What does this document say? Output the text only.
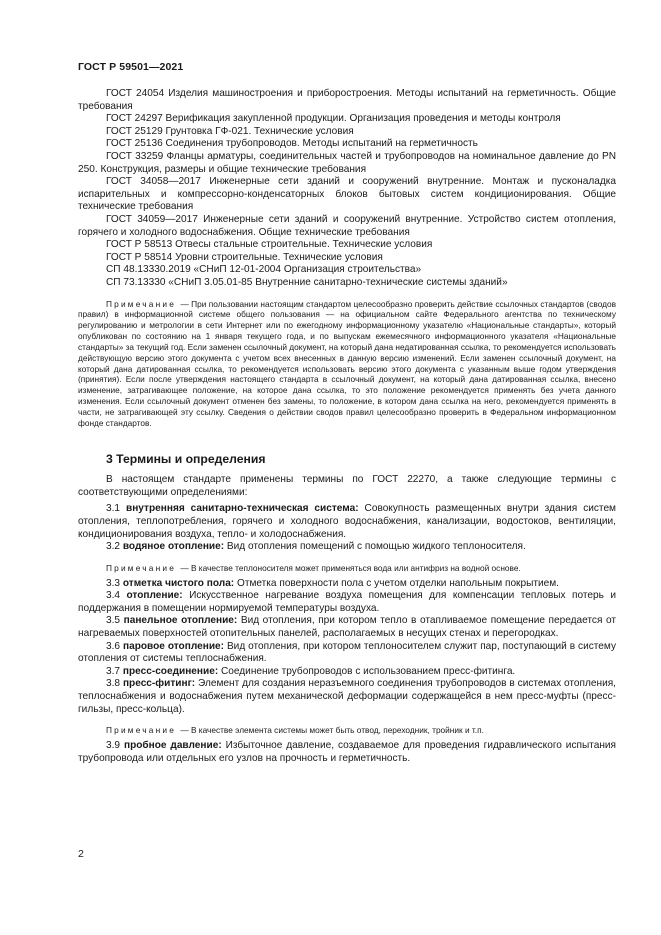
ГОСТ Р 59501—2021

ГОСТ 24054 Изделия машиностроения и приборостроения. Методы испытаний на герметичность. Общие требования

ГОСТ 24297 Верификация закупленной продукции. Организация проведения и методы контроля

ГОСТ 25129 Грунтовка ГФ-021. Технические условия

ГОСТ 25136 Соединения трубопроводов. Методы испытаний на герметичность

ГОСТ 33259 Фланцы арматуры, соединительных частей и трубопроводов на номинальное давление до PN 250. Конструкция, размеры и общие технические требования

ГОСТ 34058—2017 Инженерные сети зданий и сооружений внутренние. Монтаж и пусконаладка испарительных и компрессорно-конденсаторных блоков бытовых систем кондиционирования. Общие технические требования

ГОСТ 34059—2017 Инженерные сети зданий и сооружений внутренние. Устройство систем отопления, горячего и холодного водоснабжения. Общие технические требования

ГОСТ Р 58513 Отвесы стальные строительные. Технические условия

ГОСТ Р 58514 Уровни строительные. Технические условия

СП 48.13330.2019 «СНиП 12-01-2004 Организация строительства»

СП 73.13330 «СНиП 3.05.01-85 Внутренние санитарно-технические системы зданий»

Примечание — При пользовании настоящим стандартом целесообразно проверить действие ссылочных стандартов (сводов правил) в информационной системе общего пользования — на официальном сайте Федерального агентства по техническому регулированию и метрологии в сети Интернет или по ежегодному информационному указателю «Национальные стандарты», который опубликован по состоянию на 1 января текущего года, и по выпускам ежемесячного информационного указателя «Национальные стандарты» за текущий год. Если заменен ссылочный документ, на который дана недатированная ссылка, то рекомендуется использовать действующую версию этого документа с учетом всех внесенных в данную версию изменений. Если заменен ссылочный документ, на который дана датированная ссылка, то рекомендуется использовать версию этого документа с указанным выше годом утверждения (принятия). Если после утверждения настоящего стандарта в ссылочный документ, на который дана датированная ссылка, внесено изменение, затрагивающее положение, на которое дана ссылка, то это положение рекомендуется применять без учета данного изменения. Если ссылочный документ отменен без замены, то положение, в котором дана ссылка на него, рекомендуется применять в части, не затрагивающей эту ссылку. Сведения о действии сводов правил целесообразно проверить в Федеральном информационном фонде стандартов.

3 Термины и определения

В настоящем стандарте применены термины по ГОСТ 22270, а также следующие термины с соответствующими определениями:

3.1 внутренняя санитарно-техническая система: Совокупность размещенных внутри здания систем отопления, теплопотребления, горячего и холодного водоснабжения, канализации, водостоков, вентиляции, кондиционирования воздуха, тепло- и холодоснабжения.

3.2 водяное отопление: Вид отопления помещений с помощью жидкого теплоносителя.

Примечание — В качестве теплоносителя может применяться вода или антифриз на водной основе.

3.3 отметка чистого пола: Отметка поверхности пола с учетом отделки напольным покрытием.

3.4 отопление: Искусственное нагревание воздуха помещения для компенсации тепловых потерь и поддержания в помещении нормируемой температуры воздуха.

3.5 панельное отопление: Вид отопления, при котором тепло в отапливаемое помещение передается от нагреваемых поверхностей отопительных панелей, располагаемых в несущих стенах и перегородках.

3.6 паровое отопление: Вид отопления, при котором теплоносителем служит пар, поступающий в систему отопления от системы теплоснабжения.

3.7 пресс-соединение: Соединение трубопроводов с использованием пресс-фитинга.

3.8 пресс-фитинг: Элемент для создания неразъемного соединения трубопроводов в системах отопления, теплоснабжения и водоснабжения путем механической деформации содержащейся в нем пресс-муфты (пресс-гильзы, пресс-кольца).

Примечание — В качестве элемента системы может быть отвод, переходник, тройник и т.п.

3.9 пробное давление: Избыточное давление, создаваемое для проведения гидравлического испытания трубопровода или отдельных его узлов на прочность и герметичность.

2
